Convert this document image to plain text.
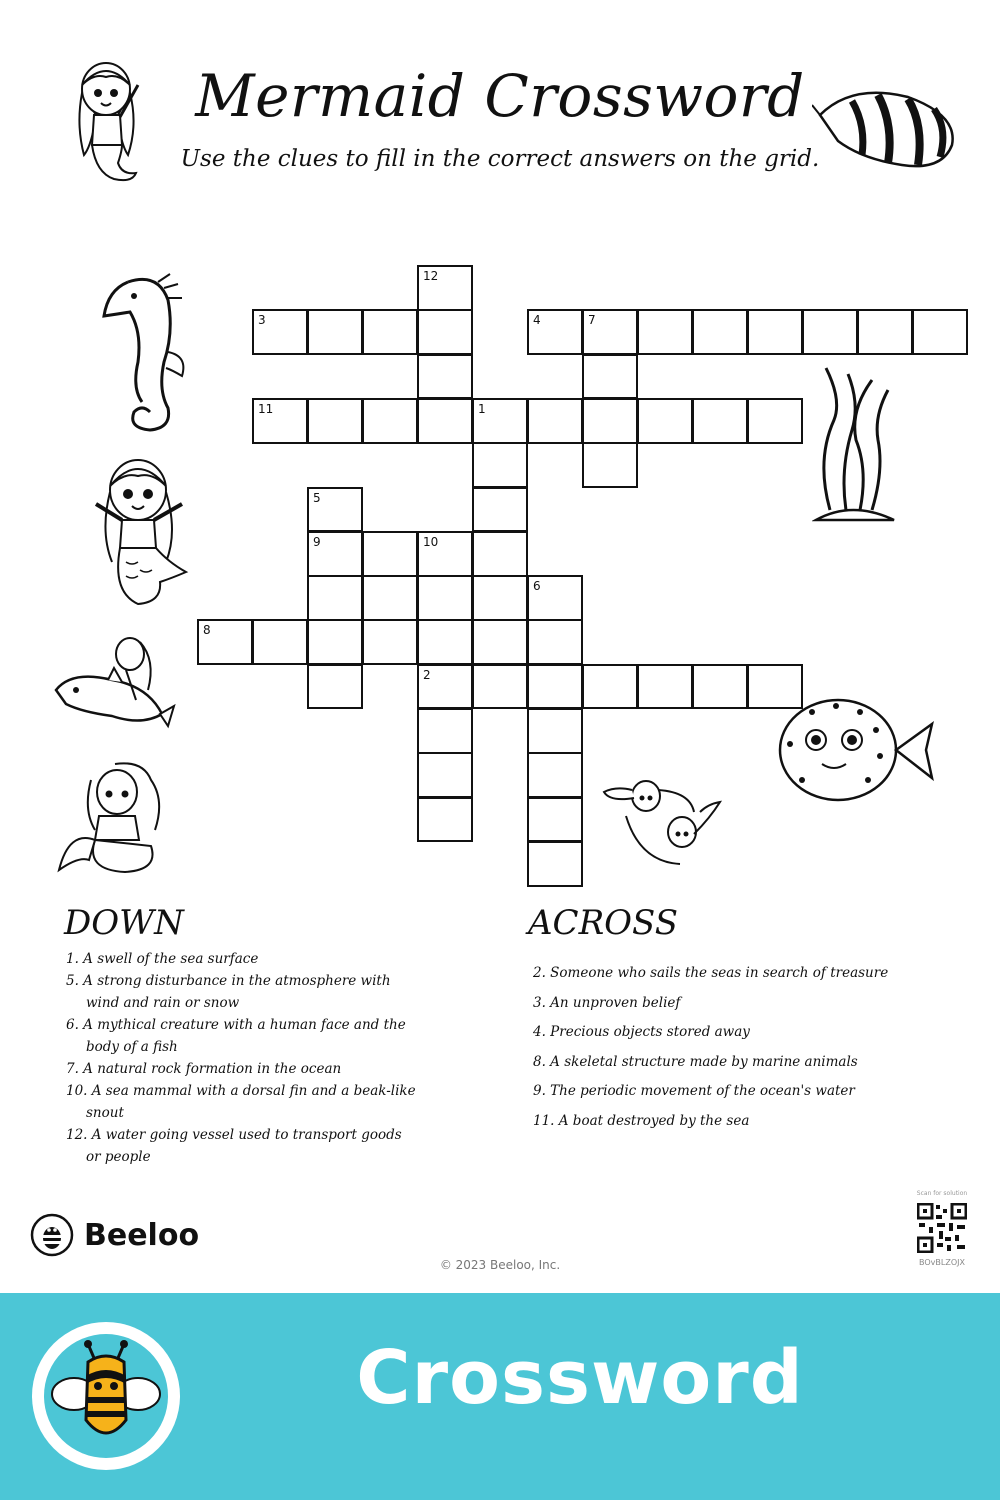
Mermaid Crossword
Use the clues to fill in the correct answers on the grid.
12
3	4	7
11	1
5
9	10
6
8
2
DOWN
1. A swell of the sea surface
5. A strong disturbance in the atmosphere with wind and rain or snow
6. A mythical creature with a human face and the body of a fish
7. A natural rock formation in the ocean
10. A sea mammal with a dorsal fin and a beak-like snout
12. A water going vessel used to transport goods or people
ACROSS
2. Someone who sails the seas in search of treasure
3. An unproven belief
4. Precious objects stored away
8. A skeletal structure made by marine animals
9. The periodic movement of the ocean's water
11. A boat destroyed by the sea
Beeloo
© 2023 Beeloo, Inc.
Scan for solution
BOvBLZOJX
Crossword
